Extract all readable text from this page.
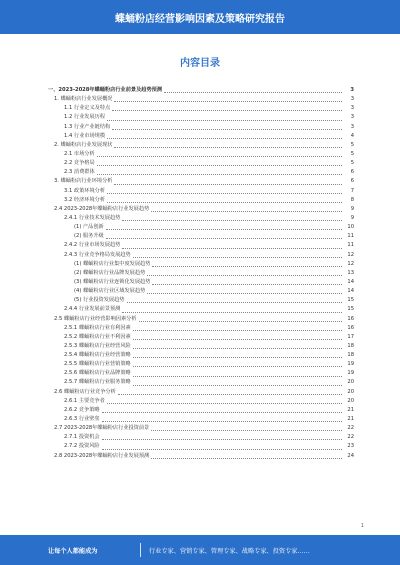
蝶蛹粉店经营影响因素及策略研究报告
内容目录
一、2023-2028年蝶蛹粉店行业前景及趋势预测	3
1. 蝶蛹粉店行业发展概况	3
1.1 行业定义及特点	3
1.2 行业发展历程	3
1.3 行业产业链结构	3
1.4 行业市场规模	4
2. 蝶蛹粉店行业发展现状	5
2.1 市场分析	5
2.2 竞争格局	5
2.3 消费群体	6
3. 蝶蛹粉店行业环境分析	6
3.1 政策环境分析	7
3.2 经济环境分析	8
2.4 2023-2028年蝶蛹粉店行业发展趋势	9
2.4.1 行业技术发展趋势	9
(1) 产品创新	10
(2) 服务升级	11
2.4.2 行业市场发展趋势	11
2.4.3 行业竞争格局发展趋势	12
(1) 蝶蛹粉店行业集中度发展趋势	12
(2) 蝶蛹粉店行业品牌发展趋势	13
(3) 蝶蛹粉店行业连锁化发展趋势	14
(4) 蝶蛹粉店行业区域发展趋势	14
(5) 行业投资发展趋势	15
2.4.4 行业发展前景预测	15
2.5 蝶蛹粉店行业经营影响因素分析	16
2.5.1 蝶蛹粉店行业有利因素	16
2.5.2 蝶蛹粉店行业不利因素	17
2.5.3 蝶蛹粉店行业经营风险	18
2.5.4 蝶蛹粉店行业经营策略	18
2.5.5 蝶蛹粉店行业营销策略	19
2.5.6 蝶蛹粉店行业品牌策略	19
2.5.7 蝶蛹粉店行业服务策略	20
2.6 蝶蛹粉店行业竞争分析	20
2.6.1 主要竞争者	20
2.6.2 竞争策略	21
2.6.3 行业壁垒	21
2.7 2023-2028年蝶蛹粉店行业投资前景	22
2.7.1 投资机会	22
2.7.2 投资风险	23
2.8 2023-2028年蝶蛹粉店行业发展预测	24
1
让每个人都能成为	行业专家、营销专家、管理专家、战略专家、投资专家……
